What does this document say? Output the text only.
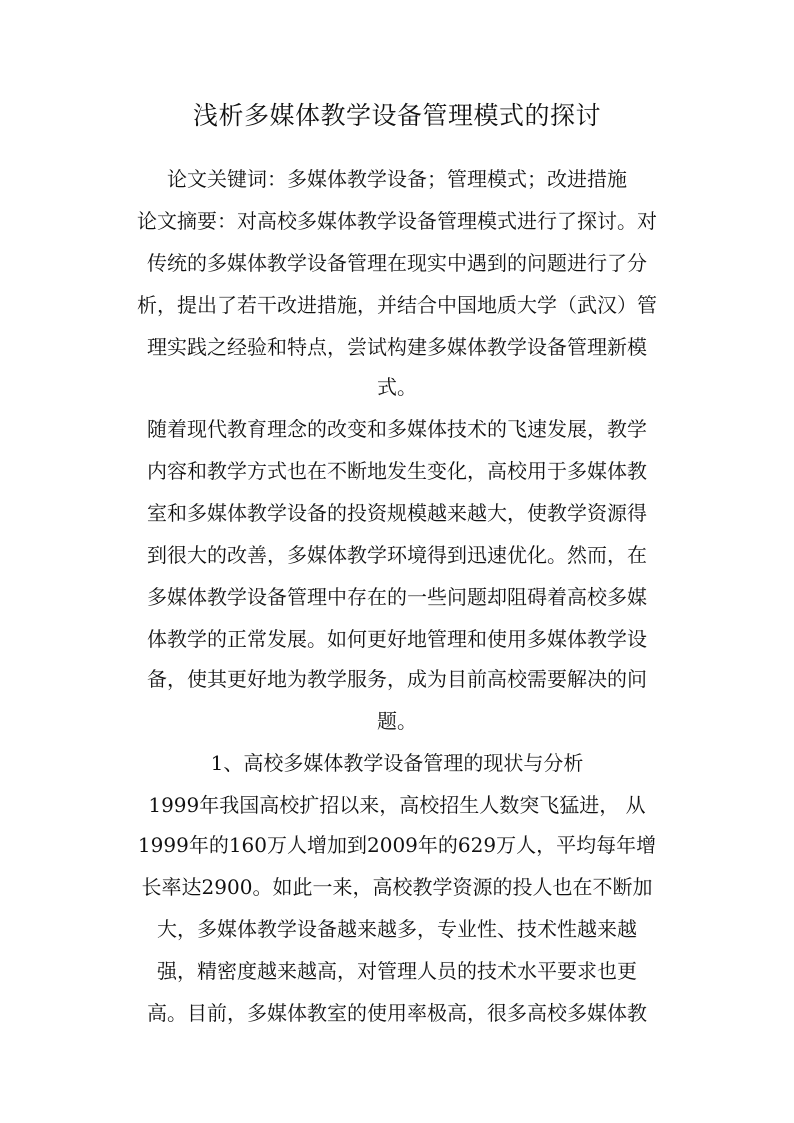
浅析多媒体教学设备管理模式的探讨
论文关键词：多媒体教学设备；管理模式；改进措施
论文摘要：对高校多媒体教学设备管理模式进行了探讨。对
传统的多媒体教学设备管理在现实中遇到的问题进行了分
析，提出了若干改进措施，并结合中国地质大学（武汉）管
理实践之经验和特点，尝试构建多媒体教学设备管理新模
式。
随着现代教育理念的改变和多媒体技术的飞速发展，教学
内容和教学方式也在不断地发生变化，高校用于多媒体教
室和多媒体教学设备的投资规模越来越大，使教学资源得
到很大的改善，多媒体教学环境得到迅速优化。然而，在
多媒体教学设备管理中存在的一些问题却阻碍着高校多媒
体教学的正常发展。如何更好地管理和使用多媒体教学设
备，使其更好地为教学服务，成为目前高校需要解决的问
题。
1、高校多媒体教学设备管理的现状与分析
1999年我国高校扩招以来，高校招生人数突飞猛进， 从
1999年的160万人增加到2009年的629万人，平均每年增
长率达2900。如此一来，高校教学资源的投人也在不断加
大，多媒体教学设备越来越多，专业性、技术性越来越
强，精密度越来越高，对管理人员的技术水平要求也更
高。目前，多媒体教室的使用率极高，很多高校多媒体教
